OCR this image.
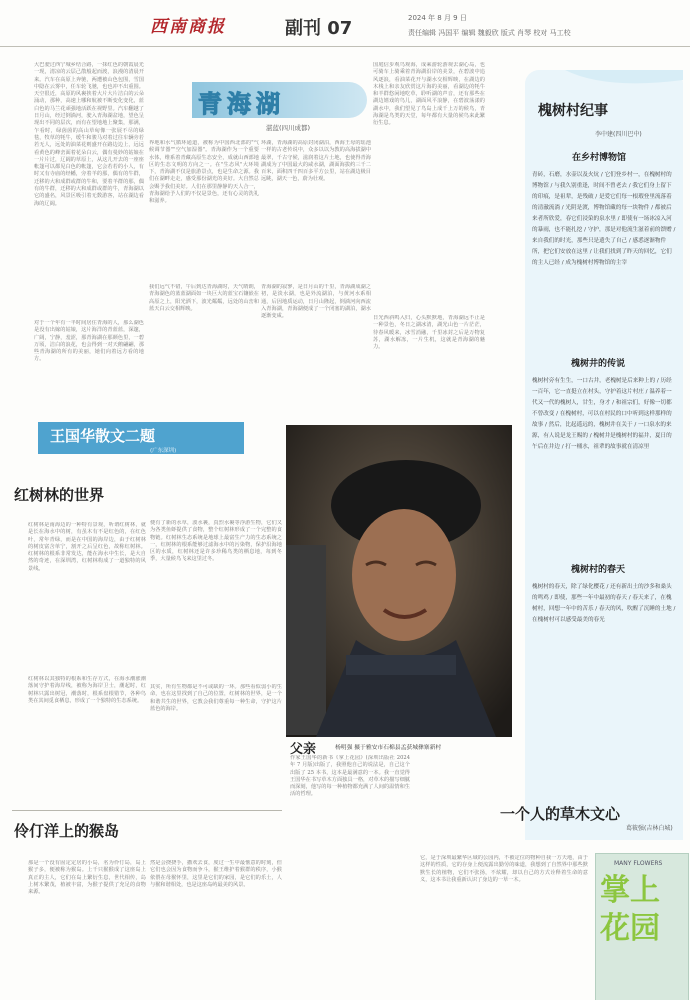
西南商报	副刊 07	2024 年 8 月 9 日
责任编辑 冯国平 编辑 魏毅欣 版式 肖琴 校对 马工校
大巴驶过西宁城乡结合路，一抹红色的朝霞晨光一现，清凉的云层己散般起而渡，浪漫的清晨开来。汽车在高原上奔驰，两遭被山色包围，雪国中隐在云雾中，任车轮飞驰，也也冲不出重围。天空很近，高原的风裹挟着大片大片洁白的云朵涌动，那种，高速上哪和航被不断变化变化，蓝白色的马兰花顽强地活跃在视野里。汽车翻越了日月山，经过倒淌河，驶入青海湖盆地，望色呈现出不同的层次，而有在望地地上聚集，那满，乍看时，绿茵茵的高山草甸像一张展不尽的绿毯，牧草的牦牛，缓牛和骏马对着过往车辆旁若若无人，远处的油菜花则盛开在路边边上，远远看黄色的峰峦面着花朵白云，偶有曼妙的姑娘在一片片过，辽阔的草原上，从这儿开去的一座座帐篷可以都见白色的帐篷，它会若若的小人，有时又有寺庙的经幡，旁着羊的那，偶有的牛群，迁移的大和成群或群的牛和，要着羊群的那，偶有的牛群，迁移的大和成群或群的牛，青海湖以它的盛名，风景区吸引着无数游客，站在湖边看海的辽阔。
对于一个年有一半时间居住青海的人，那么湖色是没有出嫁的姑娘，这片海洋的青蓝蓝，深邃，广阔，宁静，羞涩，那青海湖在那颜色里，一碧万顷，洁白的浪花，也会得到一对天鹅翩翩，那些青海湖的所有的美丽，她们向着远方看的地方。
青海湖
湛蓝(四川成都)
界地和水气循环通道，被称为中国西北部的"气候调节器""空气加湿器"。青海湖作为一个重要水体，维系着青藏高原生态安全，成就山西部地区的生态文明的方向之一。在"生态风"大环境下，青海湖不仅是旅游景点，也是生命之源。我们在湖畔走走，感受那份湖光的美好。大自然总会赐予我们美好。人们在那里静静的天人合一，青海湖给予人们的不仅是景色，还有心灵的洗礼和滋养。
我们远气不错，午后到达青海湖时，天气晴朗，青海湖色的蓝蓝湖面如一块巨大的蓝宝石镶嵌在高原之上，阳光洒下，波光粼粼，远处的山峦和蓝天白云交相辉映。
环湖，青海湖的高原封闭湖泊，西海王母的瑶池一样的古老传说中，众多以以为教的高海拔湖中最翠，千古守候，滋润着这片土地，也使得青海湖成为了中国最大的咸水湖，湖面海拔约三千二百米，面积四千四百多平方公里，站在湖边极目远眺，湖天一色，蔚为壮观。
青海湖的寂寥，是日月山的千里，青海湖成湖之初，是淡水湖，也是外流湖泊，与黄河水系相通，后因地质运动，日月山隆起，倒淌河向西流入青海湖，青海湖便成了一个闭塞的湖泊，湖水逐渐变咸。
国庭信步观鸟观海，成乘游轮游观去湖心岛，也可骑车上骑乘着青海湖沿岸的美景，在碧波中追风逐浪，看油菜花开与湖水交相辉映，在湖边的木栈上和亲友欣赏这片海的美丽，看湖边的牦牛和羊群悠闲地吃草，聆听湖的声音，还有那些在湖边嬉戏的鸟儿，湖面风平浪静，在碧波荡漾的湖水中，我们望见了鸟岛上成千上万的候鸟，青海湖是鸟类的天堂，每年都有大量的候鸟来此繁衍生息。
日光西斜鸣入归，心头默默地，青海湖远不止是一种景色，冬日之湖冰清，湖光山色一片茫茫，待春风暖来，冰雪消融，千里冰封之后是万物复苏，湖水解冻，一片生机，这就是青海湖的魅力。
槐树村纪事
李中建(四川巴中)
在乡村博物馆
青砖，石磨，水壶以及火炕 / 它们登乡村一，在槐树村的博物馆 / 与我久别重逢，时间不曾老去 / 我它们身上留下的印痕，是祖辈，是残破 / 是爱它们每一根瑕登里流落着的清澈流淌 / 光阴是渡，博物馆藏的每一块物件 / 都被后来者所欣爱，春它们浸染的泉水里 / 即使有一场冰凉入河的暴雨，也不能扎挖 / 守护，那是对他流生滋着前的馈赠 / 来自我们的时光，那些只是遗失了自己 / 感悉逐渐物件所，把它们安放在这里 / 让我们找到了昨天的回忆，它们的主人已经 / 成为槐树村博物馆的主宰
槐树井的传说
槐树村旁有生生，一口古井，老槐树是后来种上的 / 历经一百年，它一直挺立在村头，守护着这片村庄 / 温养着一代又一代的槐树人，甘生，身才 / 和祖宗们，好像一切都不曾改变 / 在槐树村，可以在村民的口中听到这样那样的故事 / 然后，比起遥远的，槐树井在关于 / 一口泉水的来源，有人说是龙王赐的 / 槐树井是槐树村的福井，夏日的午后在井边 / 打一桶水，祖辈的故事就在清凉里
槐树村的春天
槐树村的春天，除了绿化樱花 / 还有新出土的沙多和桑头的鸣鸡 / 即使，那些一年中最初的春天 / 春天来了，在槐树村，回想一年中的苦乐 / 春天的风，吹醒了沉睡的土地 / 在槐树村可以感受最美的春光
王国华散文二题
(广东深圳)
红树林的世界
红树林是南海边的一种特有景观，听谓红树林，就是长在海水中的树，有虽木有不是红色的，在红色叶，常年青绿，而是在中国的海岸边，由于红树林的树皮富含单宁，割开之后呈红色，故称红树林。红树林的根系非常发达，能在海水中生长，是大自然的奇迹，在深圳湾，红树林构成了一道独特的风景线。
红树林以其独特的根系和生存方式，在海水潮涨潮落间守护着海岸线，被称为海岸卫士，潮起时，红树林只露出树冠，潮落时，根系盘根错节，各种鸟类在其间觅食栖息，形成了一个独特的生态系统。
便有了新的水草，波水裹，真烈水裹等浮游生物，它们又为各类鱼虾提供了食物，整个红树林形成了一个完整的食物链。红树林生态系统是地球上最富生产力的生态系统之一，红树林的根系能够过滤海水中的污染物，保护沿海地区的水质，红树林还是许多珍稀鸟类的栖息地，每到冬季，大量候鸟飞来这里过冬。
其实，所有生物都是不可或缺的一环。那些看似弱小的生命，也在这里找到了自己的位置，红树林的世界，是一个和谐共生的世界，它教会我们尊重每一种生命，守护这片蓝色的海岸。
父亲	杨明强 摄于雅安市石棉县孟获城彝寨新村
伶仃洋上的猴岛
那是一个没有固定定居的小岛，名为伶仃岛，岛上猴子多，便被称为猴岛。上千只猴猴成了这座岛上真正的主人，它们在岛上繁衍生息，世代相传，岛上树木繁茂，植被丰富，为猴子提供了充足的食物来源。
然是会挠挠手，撒欢去食，度过一生中最惬意的时刻，但它们也会因为食物而争斗，猴王维护着猴群的秩序，小猴依偎在母猴怀里，这里是它们的家园，是它们的乐土，人与猴和谐相处，也是这座岛屿最美的风景。
作家王国华的新书《掌上花园》(深圳出版社 2024 年 7 月版)出版了，我照他自己的说法是，自己这个出版了 25 本书，这本是最满意的一本。我一直觉得王国华在书写草木方面独具一格，对草木的描写细腻而深刻，他写的每一种植物都充满了人间的温情和生活的哲理。
一个人的草木文心
葛筱强(吉林白城)
它，是于深圳最繁华区域的公园内，不被定位的物种自我一方天地，由于这样的性质，它的存身上便流露出勤劳的味道，我想到了自然界中那些默默生长的植物，它们不张扬，不炫耀，却以自己的方式诠释着生命的意义，这本书让我重新认识了身边的一草一木。
MANY FLOWERS
掌上花园
